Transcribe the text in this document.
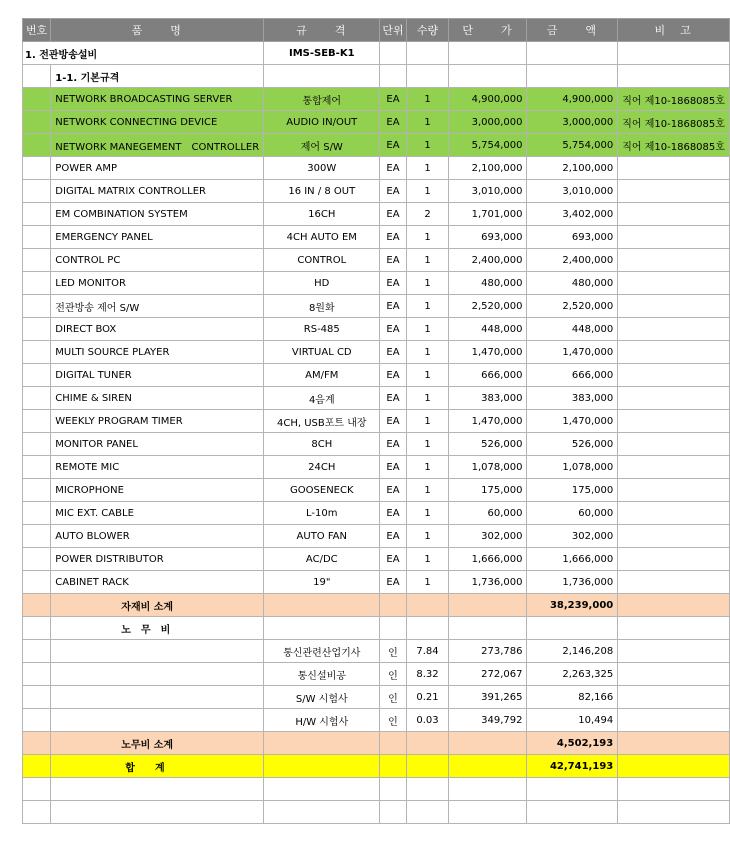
번호	품　　명	규　　격	단위	수량	단　　가	금　　액	비　고
1. 전관방송설비		IMS-SEB-K1					
	1-1. 기본규격						
	NETWORK BROADCASTING SERVER	통합제어	EA	1	4,900,000	4,900,000	직어 제10-1868085호
	NETWORK CONNECTING DEVICE	AUDIO IN/OUT	EA	1	3,000,000	3,000,000	직어 제10-1868085호
	NETWORK MANEGEMENT　CONTROLLER	제어 S/W	EA	1	5,754,000	5,754,000	직어 제10-1868085호
	POWER AMP	300W	EA	1	2,100,000	2,100,000	
	DIGITAL MATRIX CONTROLLER	16 IN / 8 OUT	EA	1	3,010,000	3,010,000	
	EM COMBINATION SYSTEM	16CH	EA	2	1,701,000	3,402,000	
	EMERGENCY PANEL	4CH AUTO EM	EA	1	693,000	693,000	
	CONTROL PC	CONTROL	EA	1	2,400,000	2,400,000	
	LED MONITOR	HD	EA	1	480,000	480,000	
	전관방송 제어 S/W	8원화	EA	1	2,520,000	2,520,000	
	DIRECT BOX	RS-485	EA	1	448,000	448,000	
	MULTI SOURCE PLAYER	VIRTUAL CD	EA	1	1,470,000	1,470,000	
	DIGITAL TUNER	AM/FM	EA	1	666,000	666,000	
	CHIME & SIREN	4음계	EA	1	383,000	383,000	
	WEEKLY PROGRAM TIMER	4CH, USB포트 내장	EA	1	1,470,000	1,470,000	
	MONITOR PANEL	8CH	EA	1	526,000	526,000	
	REMOTE MIC	24CH	EA	1	1,078,000	1,078,000	
	MICROPHONE	GOOSENECK	EA	1	175,000	175,000	
	MIC EXT. CABLE	L-10m	EA	1	60,000	60,000	
	AUTO BLOWER	AUTO FAN	EA	1	302,000	302,000	
	POWER DISTRIBUTOR	AC/DC	EA	1	1,666,000	1,666,000	
	CABINET RACK	19"	EA	1	1,736,000	1,736,000	
	자재비 소계					38,239,000	
	노　무　비						
		통신관련산업기사	인	7.84	273,786	2,146,208	
		통신설비공	인	8.32	272,067	2,263,325	
		S/W 시험사	인	0.21	391,265	82,166	
		H/W 시험사	인	0.03	349,792	10,494	
	노무비 소계					4,502,193	
	합　　계					42,741,193	
